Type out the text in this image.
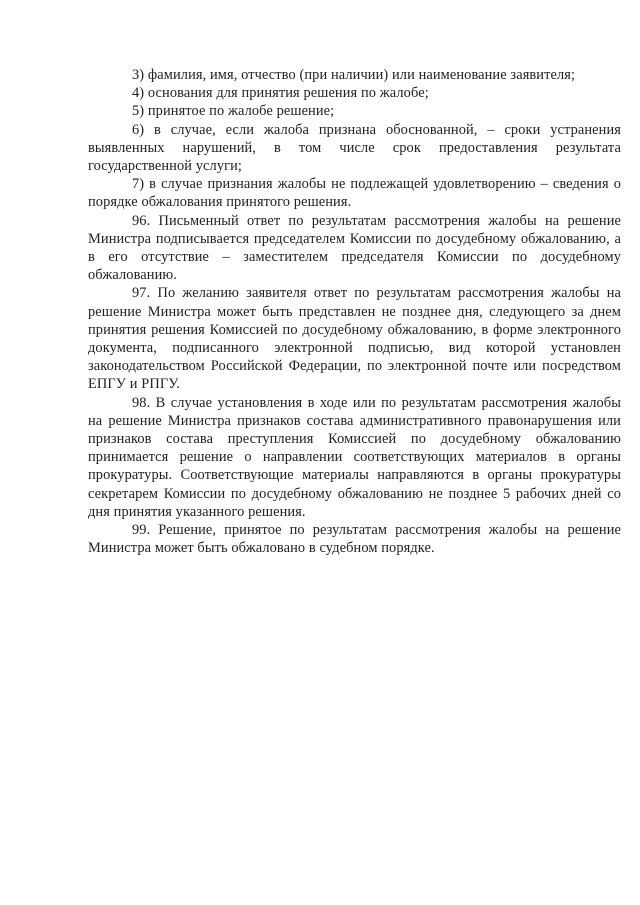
3) фамилия, имя, отчество (при наличии) или наименование заявителя;

4) основания для принятия решения по жалобе;

5) принятое по жалобе решение;

6) в случае, если жалоба признана обоснованной, – сроки устранения выявленных нарушений, в том числе срок предоставления результата государственной услуги;

7) в случае признания жалобы не подлежащей удовлетворению – сведения о порядке обжалования принятого решения.

96. Письменный ответ по результатам рассмотрения жалобы на решение Министра подписывается председателем Комиссии по досудебному обжалованию, а в его отсутствие – заместителем председателя Комиссии по досудебному обжалованию.

97. По желанию заявителя ответ по результатам рассмотрения жалобы на решение Министра может быть представлен не позднее дня, следующего за днем принятия решения Комиссией по досудебному обжалованию, в форме электронного документа, подписанного электронной подписью, вид которой установлен законодательством Российской Федерации, по электронной почте или посредством ЕПГУ и РПГУ.

98. В случае установления в ходе или по результатам рассмотрения жалобы на решение Министра признаков состава административного правонарушения или признаков состава преступления Комиссией по досудебному обжалованию принимается решение о направлении соответствующих материалов в органы прокуратуры. Соответствующие материалы направляются в органы прокуратуры секретарем Комиссии по досудебному обжалованию не позднее 5 рабочих дней со дня принятия указанного решения.

99. Решение, принятое по результатам рассмотрения жалобы на решение Министра может быть обжаловано в судебном порядке.
